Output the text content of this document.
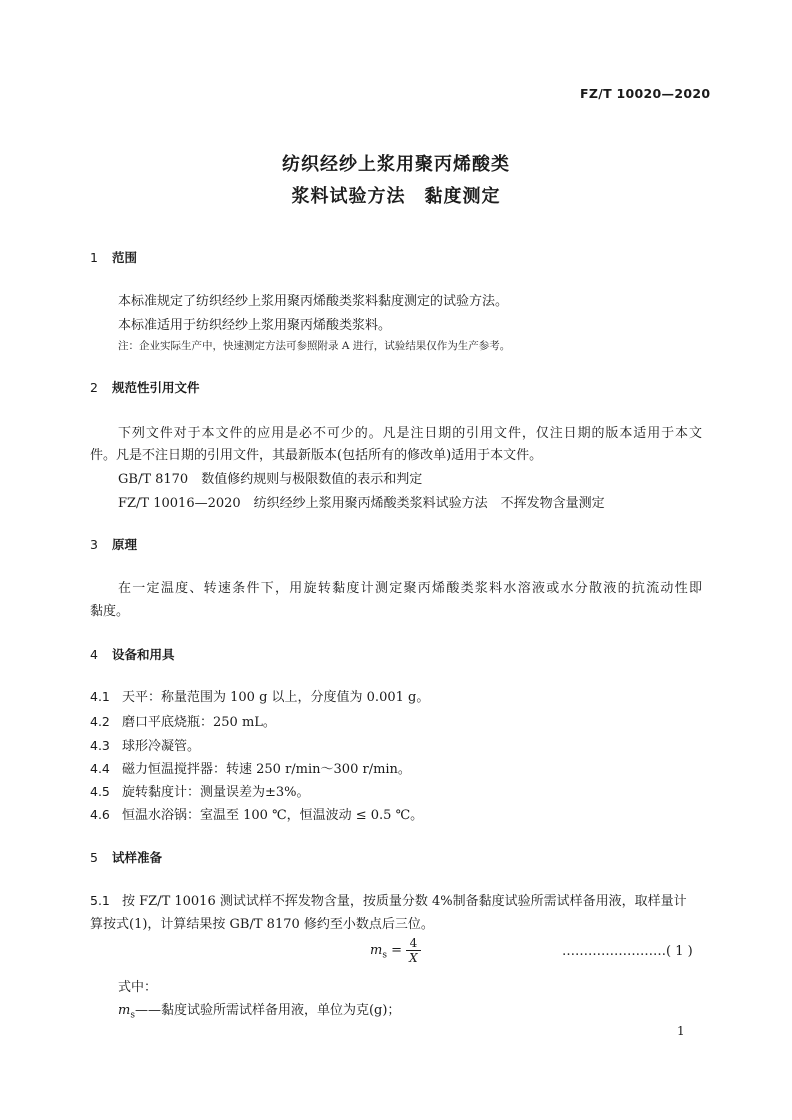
FZ/T 10020—2020
纺织经纱上浆用聚丙烯酸类
浆料试验方法　黏度测定
1 范围
本标准规定了纺织经纱上浆用聚丙烯酸类浆料黏度测定的试验方法。
本标准适用于纺织经纱上浆用聚丙烯酸类浆料。
注：企业实际生产中，快速测定方法可参照附录 A 进行，试验结果仅作为生产参考。
2 规范性引用文件
下列文件对于本文件的应用是必不可少的。凡是注日期的引用文件，仅注日期的版本适用于本文
件。凡是不注日期的引用文件，其最新版本(包括所有的修改单)适用于本文件。
GB/T 8170　数值修约规则与极限数值的表示和判定
FZ/T 10016—2020　纺织经纱上浆用聚丙烯酸类浆料试验方法　不挥发物含量测定
3 原理
在一定温度、转速条件下，用旋转黏度计测定聚丙烯酸类浆料水溶液或水分散液的抗流动性即
黏度。
4 设备和用具
4.1 天平：称量范围为 100 g 以上，分度值为 0.001 g。
4.2 磨口平底烧瓶：250 mL。
4.3 球形冷凝管。
4.4 磁力恒温搅拌器：转速 250 r/min～300 r/min。
4.5 旋转黏度计：测量误差为±3%。
4.6 恒温水浴锅：室温至 100 ℃，恒温波动 ≤ 0.5 ℃。
5 试样准备
5.1 按 FZ/T 10016 测试试样不挥发物含量，按质量分数 4%制备黏度试验所需试样备用液，取样量计
算按式(1)，计算结果按 GB/T 8170 修约至小数点后三位。
$m_s = \frac{4}{X}$	……………………( 1 )
式中：
$m_s——$黏度试验所需试样备用液，单位为克(g)；
1
